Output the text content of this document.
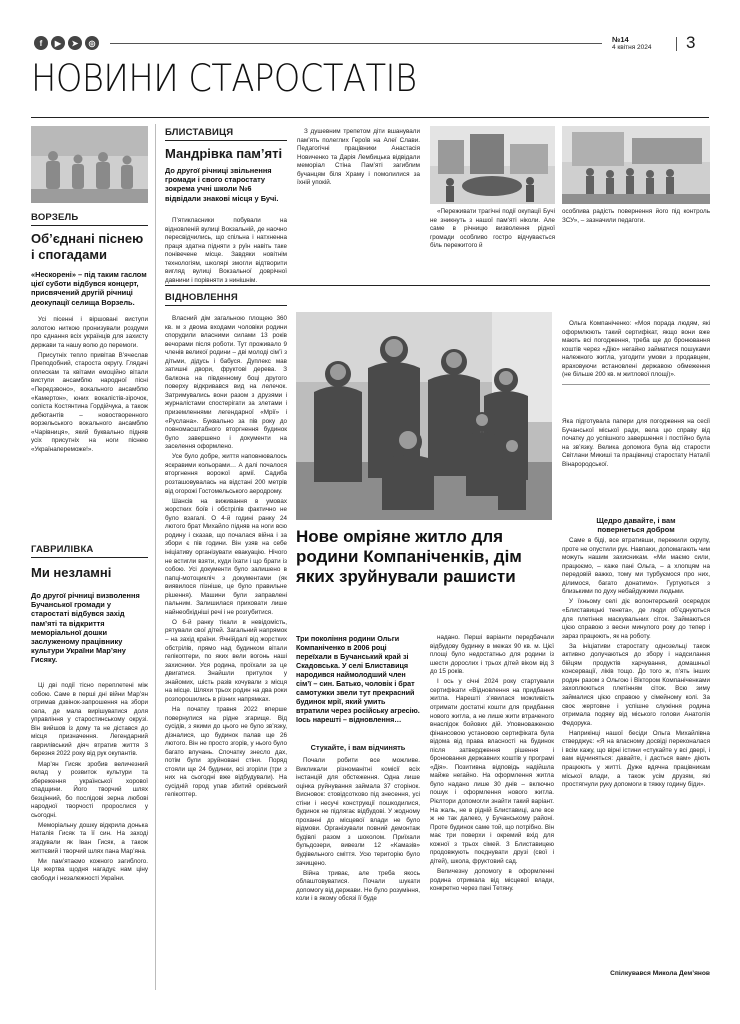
f	▶	➤	◎	№14
4 квітня 2024 3
НОВИНИ СТАРОСТАТІВ
ВОРЗЕЛЬ
Об’єднані піснею і спогадами
«Нескорені» – під таким гаслом цієї суботи відбувся концерт, присвячений другій річниці деокупації селища Ворзель.

Усі пісенні і віршовані виступи золотою ниткою пронизували роздуми про єднання всіх українців для захисту держави та нашу волю до перемоги.

Присутніх тепло привітав В’ячеслав Преподобний, староста округу. Глядачі оплескам та квітами емоційно вітали виступи ансамблю народної пісні «Передзвоно», вокального ансамблю «Камертон», юних вокалістів-зірочок, соліста Костянтина Гордійчука, а також дебютантів – новостворенного ворзельського вокального ансамблю «Чарівниця», який буквально підняв усіх присутніх на ноги піснею «Українапереможе!».

ГАВРИЛІВКА
Ми незламні
До другої річниці визволення Бучанської громади у старостаті відбувся захід пам’яті та відкриття меморіальної дошки заслуженому працівнику культури України Мар’яну Гисяку.

Ці дві події тісно переплетені між собою. Саме в перші дні війни Мар’ян отримав дзвінок-запрошення на збори села, де мала вирішуватися доля управління у старостинському окрузі. Він вийшов із дому та не дістався до місця призначення. Легендарний гаврилівський діяч втратив життя 3 березня 2022 року від рук окупантів.

Мар’ян Гисяк зробив величезний вклад у розвиток культури та збереження української хорової спадщини. Його творчий шлях безцінний, бо послідові зерна любові народної творчості пророслися у сьогодні.

Меморіальну дошку відкрила донька Наталія Гисяк та її син. На заході згадували як Іван Гисяк, а також життєвий і творчий шлях пана Мар’яна.

Ми пам’ятаємо кожного загиблого. Ця жертва щодня нагадує нам ціну свободи і незалежності України.

БЛИСТАВИЦЯ
Мандрівка пам’яті
До другої річниці звільнення громади і свого старостату зокрема учні школи №6 відвідали знакові місця у Бучі.

П’ятикласники побували на відновленій вулиці Вокзальній, де наочно пересвідчились, що спільна і натхненна праця здатна підняти з руїн навіть таке понівечене місце. Завдяки новітнім технологіям, школярі змогли відтворити вигляд вулиці Вокзальної доврічної давнини і порівняти з нинішнім.

З душевним трепетом діти вшанували пам’ять полеглих Героїв на Алеї Слави. Педагогічні працівники Анастасія Новиченко та Дарія Лембицька відвідали меморіал Стіна Пам’яті загиблим бучанцям біля Храму і помолилися за їхній упокій.

«Переживати трагічні події окупації Бучі не зникнуть з нашої пам’яті ніколи. Але саме в річницю визволення рідної громади особливо гостро відчувається біль пережитого й
особлива радість повернення його під контроль ЗСУ», – зазначили педагоги.
ВІДНОВЛЕННЯ

Власний дім загальною площею 360 кв. м з двома входами чоловіки родини спорудили власними силами 13 років вечорами після роботи. Тут проживало 9 членів великої родини – дві молоді сім’ї з дітьми, дідусь і бабуся. Дуплекс мав затишні двори, фруктові дерева. З балкона на південному боці другого поверху відкривався вид на лелечок. Затримувались вони разом з друзями і журналістами спостерігати за злетами і приземленнями легендарної «Мрії» і «Руслана». Буквально за пів року до повномасштабного вторгнення будинок було завершено і документи на заселення оформлено.

Усе було добре, життя наповнювалось яскравими кольорами… А далі почалося вторгнення ворожої армії. Садиба розташовувалась на відстані 200 метрів від огорожі Гостомельського аеродрому.

Шансів на виживання в умовах жорстких боїв і обстрілів фактично не було взагалі. О 4-й годині ранку 24 лютого брат Михайло підняв на ноги всю родину і сказав, що почалася війна і за збори є пів години. Він узяв на себе ініціативу організувати евакуацію. Нічого не встигли взяти, куди їхати і що брати із собою. Усі документи було залишено в папці-мотоцикліч з документами (як виявилося пізніше, це було правильне рішення). Машини були заправлені пальним. Залишилася приховати лише найнеобхідніші речі і не розгубитися.

О 6-й ранку тікали в невідомість, рятували свої дітей. Загальний напрямок – на захід країни. Ячнійдалі від жорстких обстрілів, прямо над будинком вітали гелікоптери, по яких вели вогонь наші захисники. Уся родина, проїхали за це двигатися. Знайшли притулок у знайомих, шість разів кочували з місця на місце. Шляхи трьох родин на два роки розпорошились в різних напрямках.

На початку травня 2022 вперше повернулися на рідне згарище. Від сусідів, з якими до цього не було зв’язку, дізналися, що будинок палав ще 26 лютого. Він не просто згорів, у нього було багато влучань. Спочатку знесло дах, потім були зруйновані стіни. Поряд стояли ще 24 будинки, всі згоріли (три з них на сьогодні вже відбудували). На сусідній город упав збитий орківський гелікоптер.

Нове омріяне житло для родини Компаніченків, дім яких зруйнували рашисти
Три покоління родини Ольги Компаніченко в 2006 році переїхали в Бучанський край зі Скадовська. У селі Блиставиця народився наймолодший член сім’ї – син. Батько, чоловік і брат самотужки звели тут прекрасний будинок мрії, який умить втратили через російську агресію. Іось нарешті – відновлення…
Стукайте, і вам відчинять

Почали робити все можливе. Викликали різноманітні комісії всіх інстанцій для обстеження. Одна лише оцінка руйнування займала 37 сторінок. Висновок: стовідсотково під знесення, усі стіни і несучі конструкції пошкодилися, будинок не підлягає відбудові. У жодному проханні до місцевої влади не було відмови. Організували повний демонтаж будівлі разом з шоколом. Приїхали бульдозери, вивезли 12 «Камазів» будівельного сміття. Усю територію було зачищено.

Війна триває, але треба якось облаштовуватися. Почали шукати допомогу від держави. Не було розуміння, коли і в якому обсязі її буде

надано. Перші варіанти передбачали відбудову будинку в межах 90 кв. м. Цієї площі було недостатньо для родини із шести дорослих і трьох дітей віком від 3 до 15 років.

І ось у січні 2024 року стартували сертифікати «Відновлення на придбання житла. Нарешті з’явилася можливість отримати достатні кошти для придбання нового житла, а не лише жити втраченого внаслідок бойових дій. Уповноваженою фінансовою установою сертифіката була відома від права власності на будинок після затвердження рішення і бронювання державних коштів у програмі «Дія». Позитивна відповідь надійшла майже негайно. На оформлення житла було надано лише 30 днів – включно пошук і оформлення нового житла. Рієлтори допомогли знайти такий варіант. На жаль, не в рідній Блиставиці, але все ж не так далеко, у Бучанському районі. Проте будинок саме той, що потрібно. Він має три поверхи і окремий вхід для кожної з трьох сімей. З Блиставицею продовжують поєднувати друзі (свої і дітей), школа, фруктовий сад.

Величезну допомогу в оформленні родина отримала від місцевої влади, конкретно через пані Тетяну.

Ольга Компаніченко: «Моя порада людям, які оформлюють такий сертифікат, якщо вони вже мають всі погодження, треба ще до бронювання коштів через «Дію» негайно займатися пошуками належного житла, узгодити умови з продавцем, враховуючи встановлені державою обмеження (не більше 200 кв. м житлової площі)».

Яка підготувала папери для погодження на сесії Бучанської міської ради, вела цю справу від початку до успішного завершення і постійно була на зв’язку. Велика допомога була від старости Світлани Микиші та працівниці старостату Наталії Вінарородської.

Щедро давайте, і вам повернеться добром

Саме в біді, все втративши, пережили скрупу, проте не опустили рук. Навпаки, допомагають чим можуть нашим захисникам. «Ми маємо сили, працюємо, – каже пані Ольга, – а хлопцям на передовій важко, тому ми турбуємося про них, ділимося, багато донатимо». Гуртуються з близькими по духу небайдужими людьми.

У їхньому селі діє волонтерський осередок «Блиставицькі тенета», де люди об’єднуються для плетіння маскувальних сіток. Займаються цією справою з весни минулого року до тепер і зараз працюють, як на роботу.

За ініціативи старостату однозельці також активно долучаються до збору і надсилання бійцям продуктів харчування, домашньої консервації, ліків тощо. До того ж, п’ять інших родин разом з Ольгою і Віктором Компаніченками захоплюються плетінням сіток. Всю зиму займалися цією справою у сімейному колі. За своє жертовне і успішне служіння родина отримала подяку від міського голови Анатолія Федорука.

Наприкінці нашої бесіди Ольга Михайлівна стверджує: «Я на власному досвіді переконалася і всім кажу, що вірні істини «стукайте у всі двері, і вам відчиняться: давайте, і дасться вам» діють працюють у житті. Дуже вдячна працівникам міської влади, а також усім друзям, які простягнули руку допомоги в тяжку годину біди».

Спілкувався Микола Дем’янов
